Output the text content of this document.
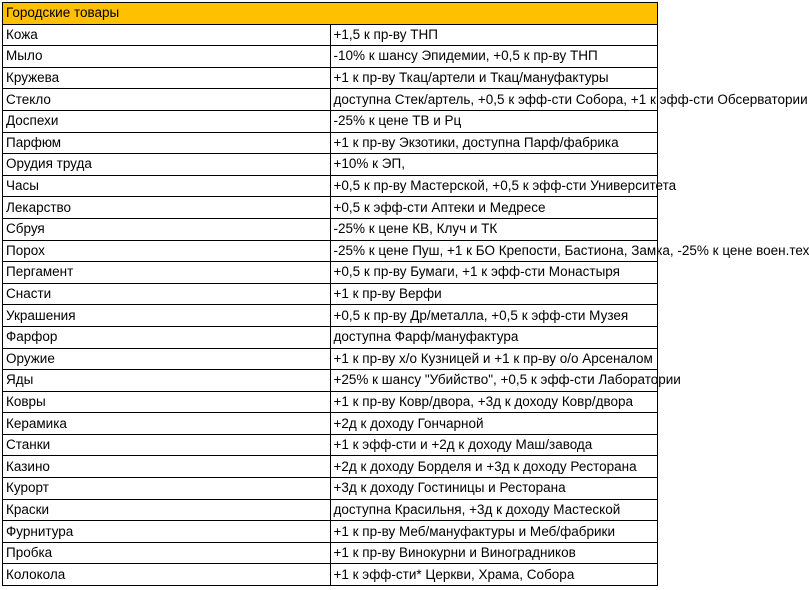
Городские товары	
Кожа	+1,5 к пр-ву ТНП
Мыло	-10% к шансу Эпидемии, +0,5 к пр-ву ТНП
Кружева	+1 к пр-ву Ткац/артели и Ткац/мануфактуры
Стекло	доступна Стек/артель, +0,5 к эфф-сти Собора, +1 к эфф-сти Обсерватории
Доспехи	-25% к цене ТВ и Рц
Парфюм	+1 к пр-ву Экзотики, доступна Парф/фабрика
Орудия труда	+10% к ЭП,
Часы	+0,5 к пр-ву Мастерской, +0,5 к эфф-сти Университета
Лекарство	+0,5 к эфф-сти Аптеки и Медресе
Сбруя	-25% к цене КВ, Клуч и ТК
Порох	-25% к цене Пуш, +1 к БО Крепости, Бастиона, Замка, -25% к цене воен.тех
Пергамент	+0,5 к пр-ву Бумаги, +1 к эфф-сти Монастыря
Снасти	+1 к пр-ву Верфи
Украшения	+0,5 к пр-ву Др/металла, +0,5 к эфф-сти Музея
Фарфор	доступна Фарф/мануфактура
Оружие	+1 к пр-ву х/о Кузницей и +1 к пр-ву о/о Арсеналом
Яды	+25% к шансу "Убийство", +0,5 к эфф-сти Лаборатории
Ковры	+1 к пр-ву Ковр/двора, +3д к доходу Ковр/двора
Керамика	+2д к доходу Гончарной
Станки	+1 к эфф-сти и +2д к доходу Маш/завода
Казино	+2д к доходу Борделя и +3д к доходу Ресторана
Курорт	+3д к доходу Гостиницы и Ресторана
Краски	доступна Красильня, +3д к доходу Мастеской
Фурнитура	+1 к пр-ву Меб/мануфактуры и Меб/фабрики
Пробка	+1 к пр-ву Винокурни и Виноградников
Колокола	+1 к эфф-сти* Церкви, Храма, Собора
